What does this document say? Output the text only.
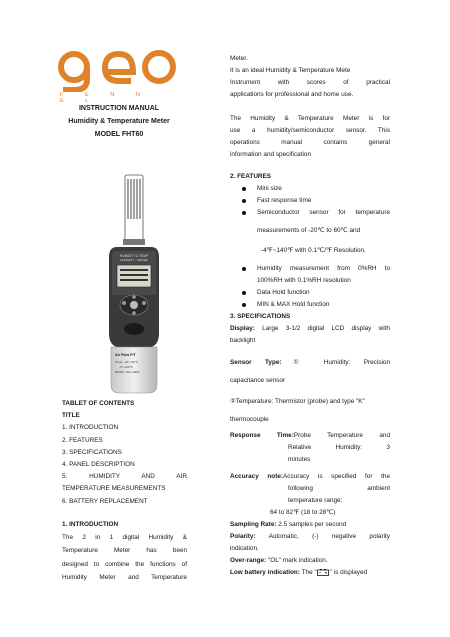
F E N N E L
INSTRUCTION MANUAL
Humidity & Temperature Meter
MODEL FHT60
HUMIDITY & TEMP
HUMIDITY - METER
Air Flow P/T
Temp: -20°~60°C
-4°~140°F
RH/DP: 0%~100%
TABLET OF CONTENTS
TITLE
1. INTRODUCTION
2. FEATURES
3. SPECIFICATIONS
4. PANEL DESCRIPTION
5. HUMIDITY AND AIR
TEMPERATURE MEASUREMENTS
6. BATTERY REPLACEMENT
1. INTRODUCTION
The 2 in 1 digital Humidity &
Temperature Meter has been
designed to combine the functions of
Humidity Meter and Temperature
Meter.
It is an ideal Humidity & Temperature Mete
Instrument with scores of practical
applications for professional and home use.
The Humidity & Temperature Meter is for
use a humidity/semiconductor sensor. This
operations manual contains general
information and specification
2. FEATURES
Mini size
Fast response time
Semiconductor sensor for temperature
measurements of -20℃ to 60℃ and
-4℉~140℉ with 0.1℃/℉ Resolution.
Humidity measurement from 0%RH to
100%RH with 0.1%RH resolution
Data Hold function
MIN & MAX Hold function
3. SPECIFICATIONS
Display: Large 3-1/2 digital LCD display with
backlight
Sensor Type:① Humidity: Precision
capacitance sensor
②Temperature: Thermistor (probe) and type "K"
thermocouple
Response Time:Probe Temperature and
Relative Humidity: 3
minutes
Accuracy note:Accuracy is specified for the
following ambient
temperature range:
64 to 82℉ (18 to 28℃)
Sampling Rate: 2.5 samples per second
Polarity: Automatic, (-) negative polarity
indication.
Over-range: "OL" mark indication.
Low battery indication: The " " is displayed
